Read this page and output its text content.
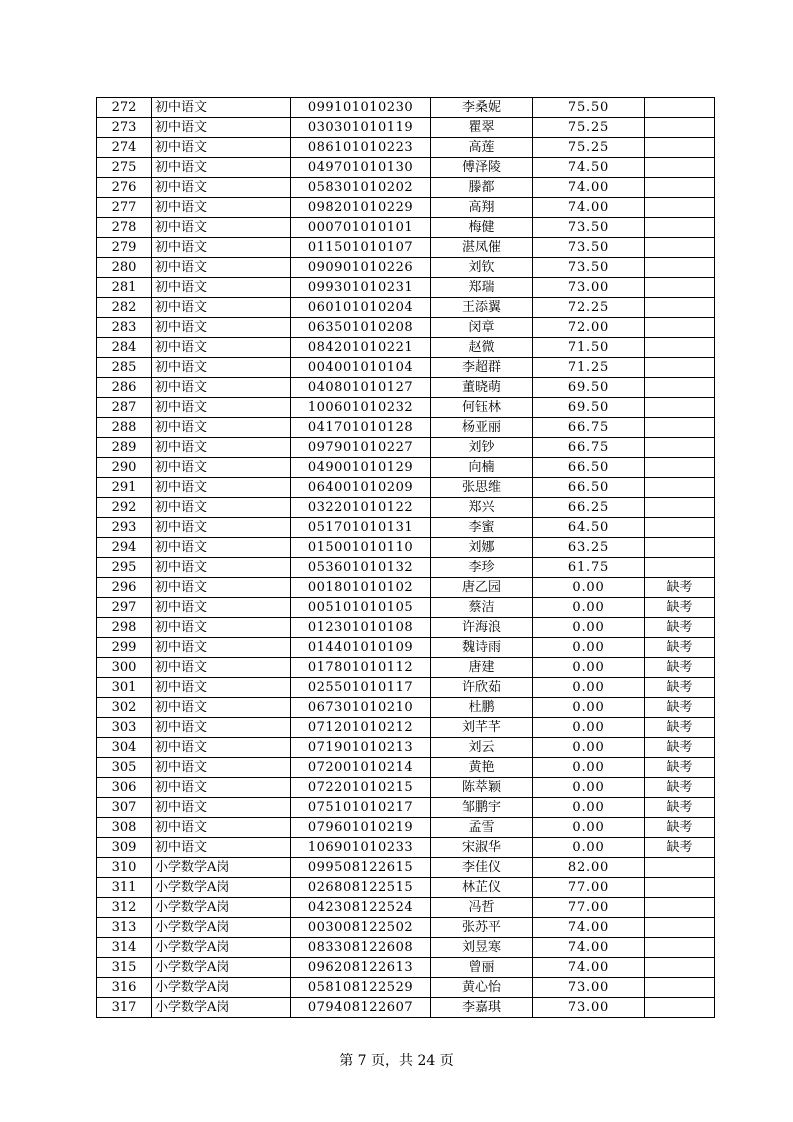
272	初中语文	099101010230	李桑妮	75.50	
273	初中语文	030301010119	瞿翠	75.25	
274	初中语文	086101010223	高莲	75.25	
275	初中语文	049701010130	傅泽陵	74.50	
276	初中语文	058301010202	滕都	74.00	
277	初中语文	098201010229	高翔	74.00	
278	初中语文	000701010101	梅健	73.50	
279	初中语文	011501010107	湛凤催	73.50	
280	初中语文	090901010226	刘钦	73.50	
281	初中语文	099301010231	郑瑞	73.00	
282	初中语文	060101010204	王添翼	72.25	
283	初中语文	063501010208	闵章	72.00	
284	初中语文	084201010221	赵微	71.50	
285	初中语文	004001010104	李超群	71.25	
286	初中语文	040801010127	董晓萌	69.50	
287	初中语文	100601010232	何钰林	69.50	
288	初中语文	041701010128	杨亚丽	66.75	
289	初中语文	097901010227	刘钞	66.75	
290	初中语文	049001010129	向楠	66.50	
291	初中语文	064001010209	张思维	66.50	
292	初中语文	032201010122	郑兴	66.25	
293	初中语文	051701010131	李蜜	64.50	
294	初中语文	015001010110	刘娜	63.25	
295	初中语文	053601010132	李珍	61.75	
296	初中语文	001801010102	唐乙园	0.00	缺考
297	初中语文	005101010105	蔡洁	0.00	缺考
298	初中语文	012301010108	许海浪	0.00	缺考
299	初中语文	014401010109	魏诗雨	0.00	缺考
300	初中语文	017801010112	唐建	0.00	缺考
301	初中语文	025501010117	许欣茹	0.00	缺考
302	初中语文	067301010210	杜鹏	0.00	缺考
303	初中语文	071201010212	刘芊芊	0.00	缺考
304	初中语文	071901010213	刘云	0.00	缺考
305	初中语文	072001010214	黄艳	0.00	缺考
306	初中语文	072201010215	陈萃颖	0.00	缺考
307	初中语文	075101010217	邹鹏宇	0.00	缺考
308	初中语文	079601010219	孟雪	0.00	缺考
309	初中语文	106901010233	宋淑华	0.00	缺考
310	小学数学A岗	099508122615	李佳仪	82.00	
311	小学数学A岗	026808122515	林芷仪	77.00	
312	小学数学A岗	042308122524	冯哲	77.00	
313	小学数学A岗	003008122502	张苏平	74.00	
314	小学数学A岗	083308122608	刘昱寒	74.00	
315	小学数学A岗	096208122613	曾丽	74.00	
316	小学数学A岗	058108122529	黄心怡	73.00	
317	小学数学A岗	079408122607	李嘉琪	73.00	
第 7 页，共 24 页
